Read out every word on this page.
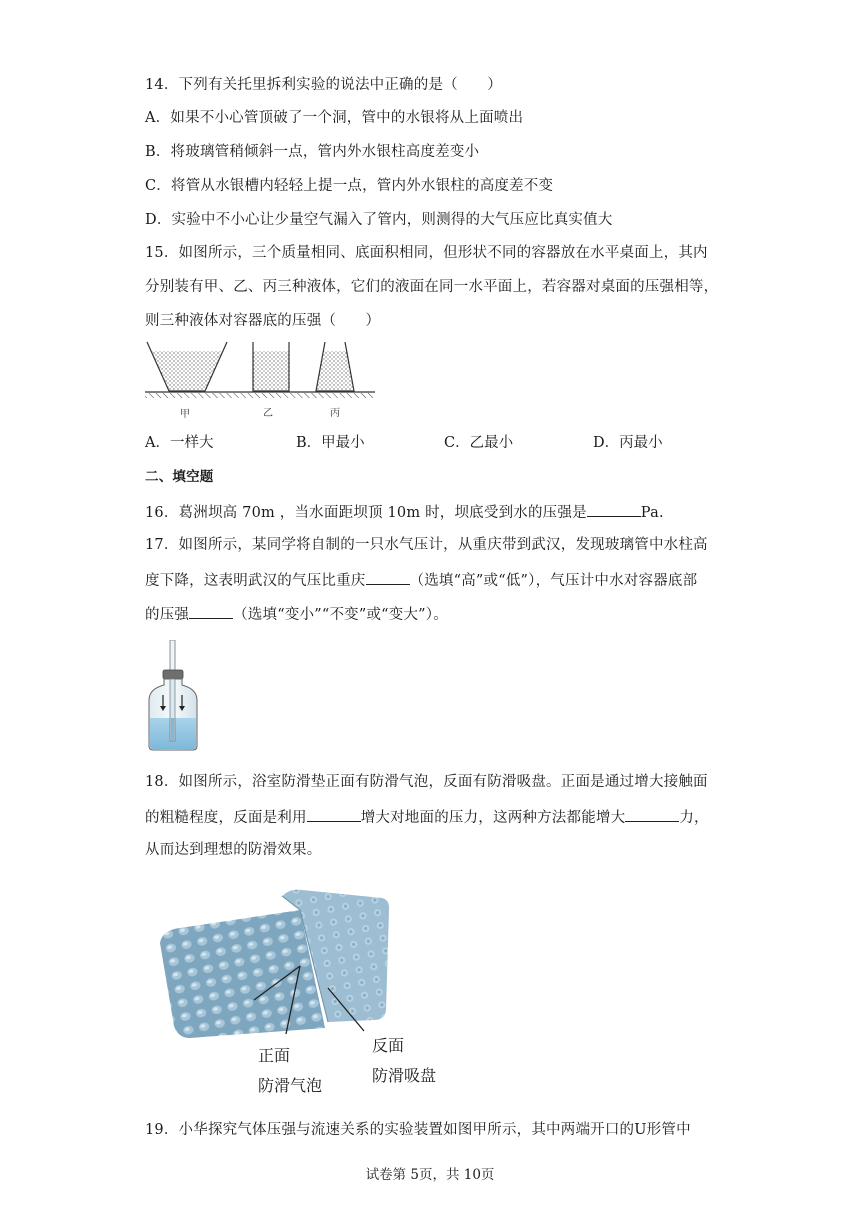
14．下列有关托里拆利实验的说法中正确的是（　　）
A．如果不小心管顶破了一个洞，管中的水银将从上面喷出
B．将玻璃管稍倾斜一点，管内外水银柱高度差变小
C．将管从水银槽内轻轻上提一点，管内外水银柱的高度差不变
D．实验中不小心让少量空气漏入了管内，则测得的大气压应比真实值大
15．如图所示，三个质量相同、底面积相同，但形状不同的容器放在水平桌面上，其内
分别装有甲、乙、丙三种液体，它们的液面在同一水平面上，若容器对桌面的压强相等，
则三种液体对容器底的压强（　　）
甲	乙	丙
A．一样大	B．甲最小	C．乙最小	D．丙最小
二、填空题
16．葛洲坝高 70m ，当水面距坝顶 10m 时，坝底受到水的压强是	Pa.
17．如图所示，某同学将自制的一只水气压计，从重庆带到武汉，发现玻璃管中水柱高
度下降，这表明武汉的气压比重庆	（选填“高”或“低”），气压计中水对容器底部
的压强	（选填“变小”“不变”或“变大”）。
18．如图所示，浴室防滑垫正面有防滑气泡，反面有防滑吸盘。正面是通过增大接触面
的粗糙程度，反面是利用	增大对地面的压力，这两种方法都能增大	力，
从而达到理想的防滑效果。
正面
防滑气泡
反面
防滑吸盘
19．小华探究气体压强与流速关系的实验装置如图甲所示，其中两端开口的U形管中
试卷第 5页，共 10页
